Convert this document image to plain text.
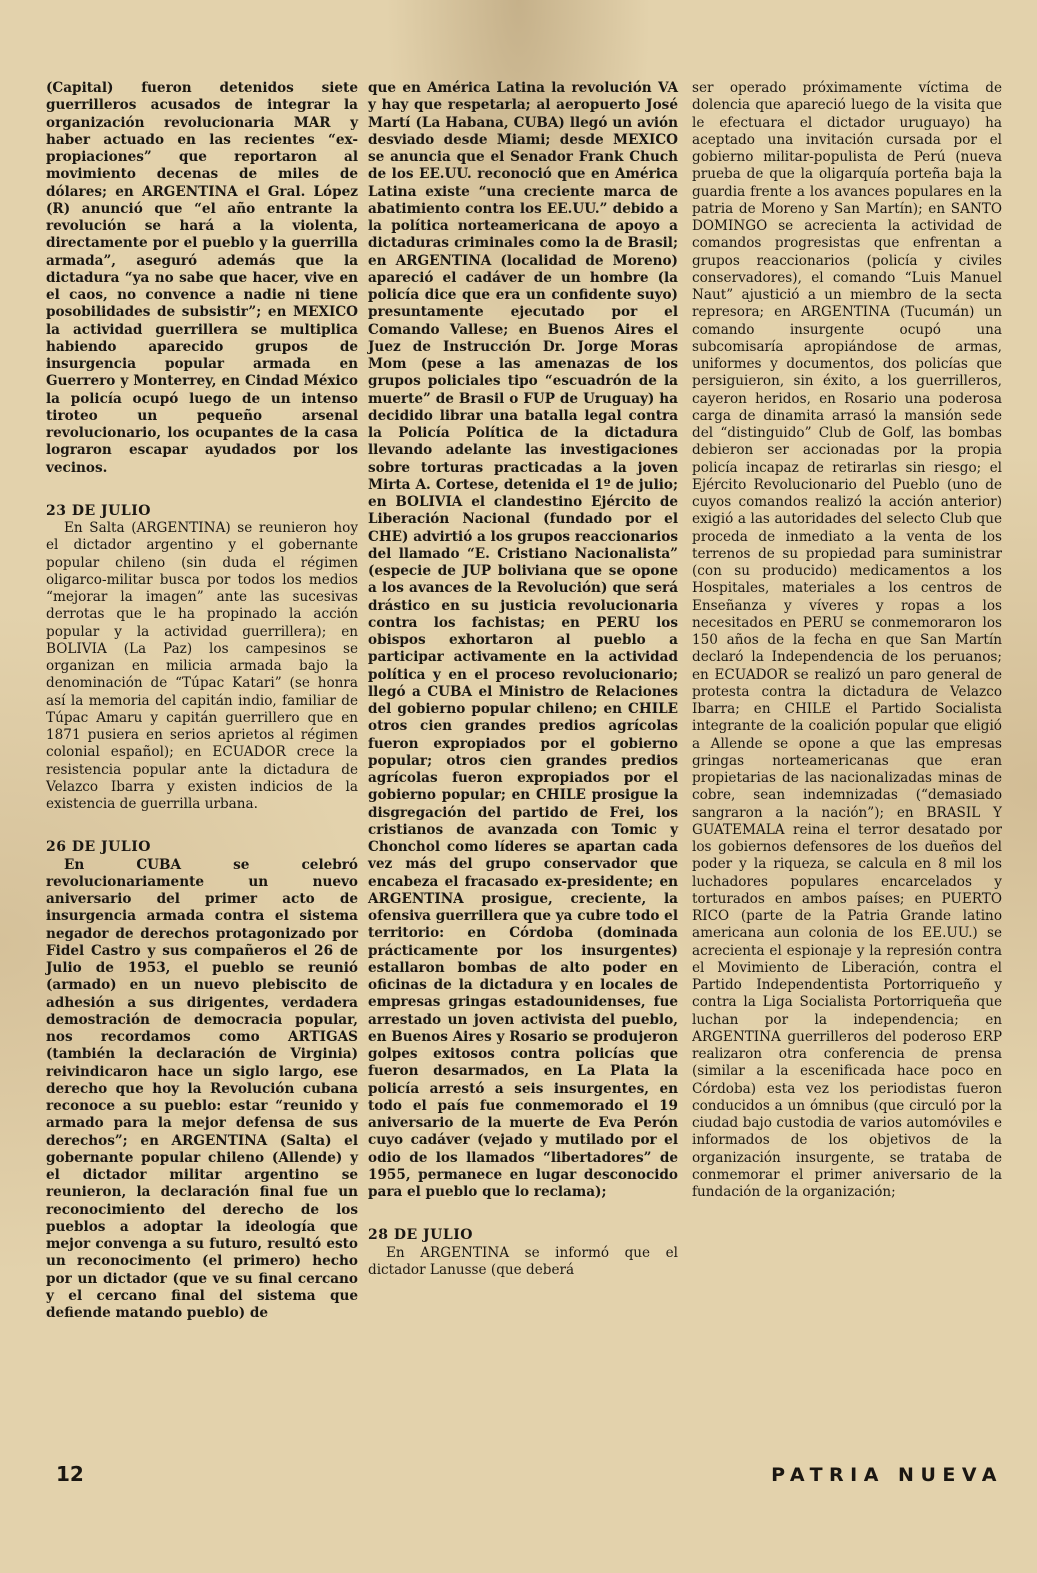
(Capital) fueron detenidos siete guerrilleros acusados de integrar la organización revolucionaria MAR y haber actuado en las recientes “ex-propiaciones” que reportaron al movimiento decenas de miles de dólares; en ARGENTINA el Gral. López (R) anunció que “el año entrante la revolución se hará a la violenta, directamente por el pueblo y la guerrilla armada”, aseguró además que la dictadura “ya no sabe que hacer, vive en el caos, no convence a nadie ni tiene posobilidades de subsistir”; en MEXICO la actividad guerrillera se multiplica habiendo aparecido grupos de insurgencia popular armada en Guerrero y Monterrey, en Cindad México la policía ocupó luego de un intenso tiroteo un pequeño arsenal revolucionario, los ocupantes de la casa lograron escapar ayudados por los vecinos.

23 DE JULIO

En Salta (ARGENTINA) se reunieron hoy el dictador argentino y el gobernante popular chileno (sin duda el régimen oligarco-militar busca por todos los medios “mejorar la imagen” ante las sucesivas derrotas que le ha propinado la acción popular y la actividad guerrillera); en BOLIVIA (La Paz) los campesinos se organizan en milicia armada bajo la denominación de “Túpac Katari” (se honra así la memoria del capitán indio, familiar de Túpac Amaru y capitán guerrillero que en 1871 pusiera en serios aprietos al régimen colonial español); en ECUADOR crece la resistencia popular ante la dictadura de Velazco Ibarra y existen indicios de la existencia de guerrilla urbana.

26 DE JULIO

En CUBA se celebró revolucionariamente un nuevo aniversario del primer acto de insurgencia armada contra el sistema negador de derechos protagonizado por Fidel Castro y sus compañeros el 26 de Julio de 1953, el pueblo se reunió (armado) en un nuevo plebiscito de adhesión a sus dirigentes, verdadera demostración de democracia popular, nos recordamos como ARTIGAS (también la declaración de Virginia) reivindicaron hace un siglo largo, ese derecho que hoy la Revolución cubana reconoce a su pueblo: estar “reunido y armado para la mejor defensa de sus derechos”; en ARGENTINA (Salta) el gobernante popular chileno (Allende) y el dictador militar argentino se reunieron, la declaración final fue un reconocimiento del derecho de los pueblos a adoptar la ideología que mejor convenga a su futuro, resultó esto un reconocimento (el primero) hecho por un dictador (que ve su final cercano y el cercano final del sistema que defiende matando pueblo) de

que en América Latina la revolución VA y hay que respetarla; al aeropuerto José Martí (La Habana, CUBA) llegó un avión desviado desde Miami; desde MEXICO se anuncia que el Senador Frank Chuch de los EE.UU. reconoció que en América Latina existe “una creciente marca de abatimiento contra los EE.UU.” debido a la política norteamericana de apoyo a dictaduras criminales como la de Brasil; en ARGENTINA (localidad de Moreno) apareció el cadáver de un hombre (la policía dice que era un confidente suyo) presuntamente ejecutado por el Comando Vallese; en Buenos Aires el Juez de Instrucción Dr. Jorge Moras Mom (pese a las amenazas de los grupos policiales tipo “escuadrón de la muerte” de Brasil o FUP de Uruguay) ha decidido librar una batalla legal contra la Policía Política de la dictadura llevando adelante las investigaciones sobre torturas practicadas a la joven Mirta A. Cortese, detenida el 1º de julio; en BOLIVIA el clandestino Ejército de Liberación Nacional (fundado por el CHE) advirtió a los grupos reaccionarios del llamado “E. Cristiano Nacionalista” (especie de JUP boliviana que se opone a los avances de la Revolución) que será drástico en su justicia revolucionaria contra los fachistas; en PERU los obispos exhortaron al pueblo a participar activamente en la actividad política y en el proceso revolucionario; llegó a CUBA el Ministro de Relaciones del gobierno popular chileno; en CHILE otros cien grandes predios agrícolas fueron expropiados por el gobierno popular; otros cien grandes predios agrícolas fueron expropiados por el gobierno popular; en CHILE prosigue la disgregación del partido de Frei, los cristianos de avanzada con Tomic y Chonchol como líderes se apartan cada vez más del grupo conservador que encabeza el fracasado ex-presidente; en ARGENTINA prosigue, creciente, la ofensiva guerrillera que ya cubre todo el territorio: en Córdoba (dominada prácticamente por los insurgentes) estallaron bombas de alto poder en oficinas de la dictadura y en locales de empresas gringas estadounidenses, fue arrestado un joven activista del pueblo, en Buenos Aires y Rosario se produjeron golpes exitosos contra policías que fueron desarmados, en La Plata la policía arrestó a seis insurgentes, en todo el país fue conmemorado el 19 aniversario de la muerte de Eva Perón cuyo cadáver (vejado y mutilado por el odio de los llamados “libertadores” de 1955, permanece en lugar desconocido para el pueblo que lo reclama);

28 DE JULIO

En ARGENTINA se informó que el dictador Lanusse (que deberá

ser operado próximamente víctima de dolencia que apareció luego de la visita que le efectuara el dictador uruguayo) ha aceptado una invitación cursada por el gobierno militar-populista de Perú (nueva prueba de que la oligarquía porteña baja la guardia frente a los avances populares en la patria de Moreno y San Martín); en SANTO DOMINGO se acrecienta la actividad de comandos progresistas que enfrentan a grupos reaccionarios (policía y civiles conservadores), el comando “Luis Manuel Naut” ajustició a un miembro de la secta represora; en ARGENTINA (Tucumán) un comando insurgente ocupó una subcomisaría apropiándose de armas, uniformes y documentos, dos policías que persiguieron, sin éxito, a los guerrilleros, cayeron heridos, en Rosario una poderosa carga de dinamita arrasó la mansión sede del “distinguido” Club de Golf, las bombas debieron ser accionadas por la propia policía incapaz de retirarlas sin riesgo; el Ejército Revolucionario del Pueblo (uno de cuyos comandos realizó la acción anterior) exigió a las autoridades del selecto Club que proceda de inmediato a la venta de los terrenos de su propiedad para suministrar (con su producido) medicamentos a los Hospitales, materiales a los centros de Enseñanza y víveres y ropas a los necesitados en PERU se conmemoraron los 150 años de la fecha en que San Martín declaró la Independencia de los peruanos; en ECUADOR se realizó un paro general de protesta contra la dictadura de Velazco Ibarra; en CHILE el Partido Socialista integrante de la coalición popular que eligió a Allende se opone a que las empresas gringas norteamericanas que eran propietarias de las nacionalizadas minas de cobre, sean indemnizadas (“demasiado sangraron a la nación”); en BRASIL Y GUATEMALA reina el terror desatado por los gobiernos defensores de los dueños del poder y la riqueza, se calcula en 8 mil los luchadores populares encarcelados y torturados en ambos países; en PUERTO RICO (parte de la Patria Grande latino americana aun colonia de los EE.UU.) se acrecienta el espionaje y la represión contra el Movimiento de Liberación, contra el Partido Independentista Portorriqueño y contra la Liga Socialista Portorriqueña que luchan por la independencia; en ARGENTINA guerrilleros del poderoso ERP realizaron otra conferencia de prensa (similar a la escenificada hace poco en Córdoba) esta vez los periodistas fueron conducidos a un ómnibus (que circuló por la ciudad bajo custodia de varios automóviles e informados de los objetivos de la organización insurgente, se trataba de conmemorar el primer aniversario de la fundación de la organización;

12	PATRIA NUEVA
